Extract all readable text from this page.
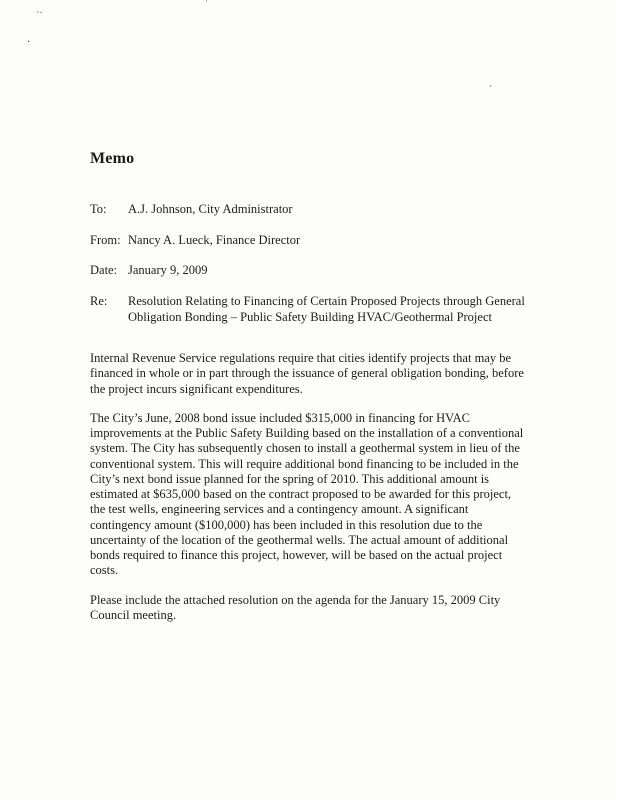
ˊ˙
‧
ˈ
ˋ
Memo
To:	A.J. Johnson, City Administrator
From: Nancy A. Lueck, Finance Director
Date: January 9, 2009
Re:	Resolution Relating to Financing of Certain Proposed Projects through General Obligation Bonding – Public Safety Building HVAC/Geothermal Project

Internal Revenue Service regulations require that cities identify projects that may be financed in whole or in part through the issuance of general obligation bonding, before the project incurs significant expenditures.

The City’s June, 2008 bond issue included $315,000 in financing for HVAC improvements at the Public Safety Building based on the installation of a conventional system. The City has subsequently chosen to install a geothermal system in lieu of the conventional system. This will require additional bond financing to be included in the City’s next bond issue planned for the spring of 2010. This additional amount is estimated at $635,000 based on the contract proposed to be awarded for this project, the test wells, engineering services and a contingency amount. A significant contingency amount ($100,000) has been included in this resolution due to the uncertainty of the location of the geothermal wells. The actual amount of additional bonds required to finance this project, however, will be based on the actual project costs.

Please include the attached resolution on the agenda for the January 15, 2009 City Council meeting.
